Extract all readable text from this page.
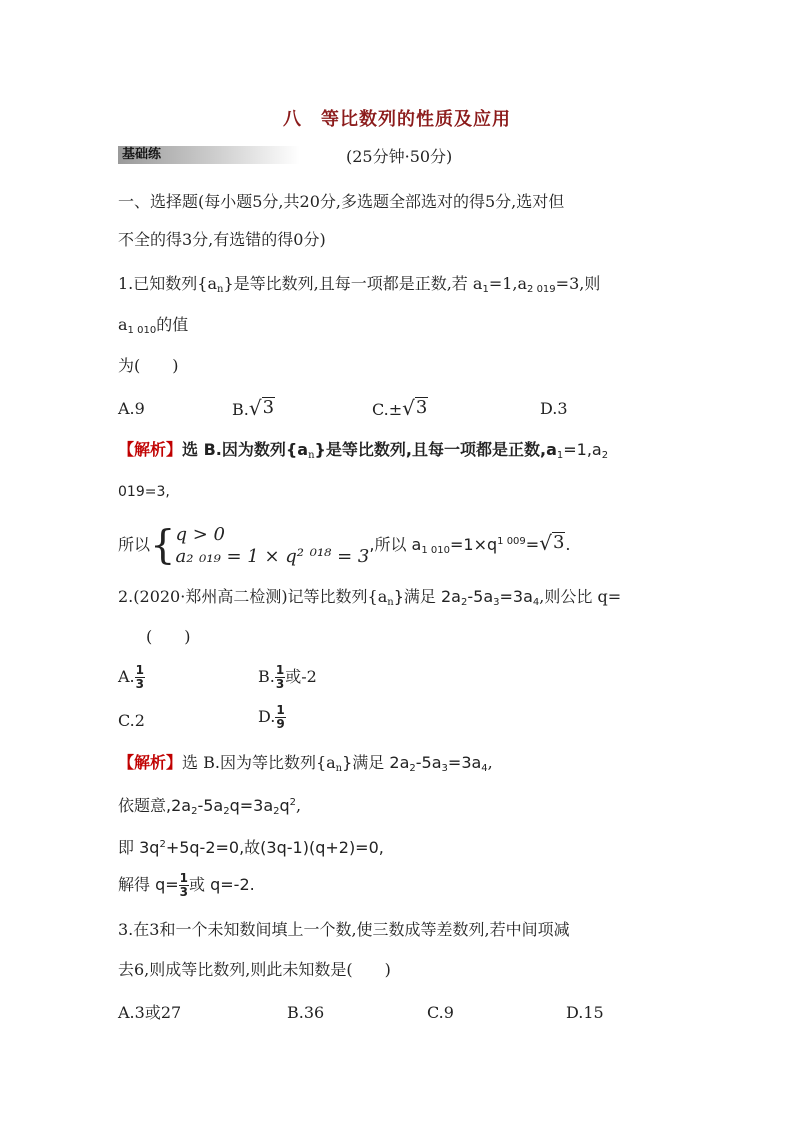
八　等比数列的性质及应用
基础练	(25分钟·50分)
一、选择题(每小题5分,共20分,多选题全部选对的得5分,选对但
不全的得3分,有选错的得0分)
1.已知数列$\{a_n\}$是等比数列,且每一项都是正数,若 $a_1=1,a_{2 019}=3$,则
$a_{1 010}$的值
为(　　)
A.9	B. √ 3	C.± √ 3	D.3
【解析】选 B.因为数列$\{a_n\}$是等比数列,且每一项都是正数$,a_1=1,a_2$
019=3,
所以{ q > 0
a₂ ₀₁₉ = 1 × q² ⁰¹⁸ = 3
,所以 $a_{1 010}=1\times q^{1 009}=$ √ 3 .
2.(2020·郑州高二检测)记等比数列$\{a_n\}$满足 $2a_2-5a_3=3a_4$,则公比 q=
(　　)
A. $\frac{1}{3}$	B. $\frac{1}{3}$ 或-2
C.2	D. $\frac{1}{9}$
【解析】选 B.因为等比数列$\{a_n\}$满足 $2a_2-5a_3=3a_4$,
依题意$,2a_2-5a_2q=3a_2q^2$,
即 $3q^2+5q-2=0$,故(3q-1)(q+2)=0,
解得 $q= \frac{1}{3}$ 或 q=-2.
3.在3和一个未知数间填上一个数,使三数成等差数列,若中间项减
去6,则成等比数列,则此未知数是(　　)
A.3或27	B.36	C.9	D.15
